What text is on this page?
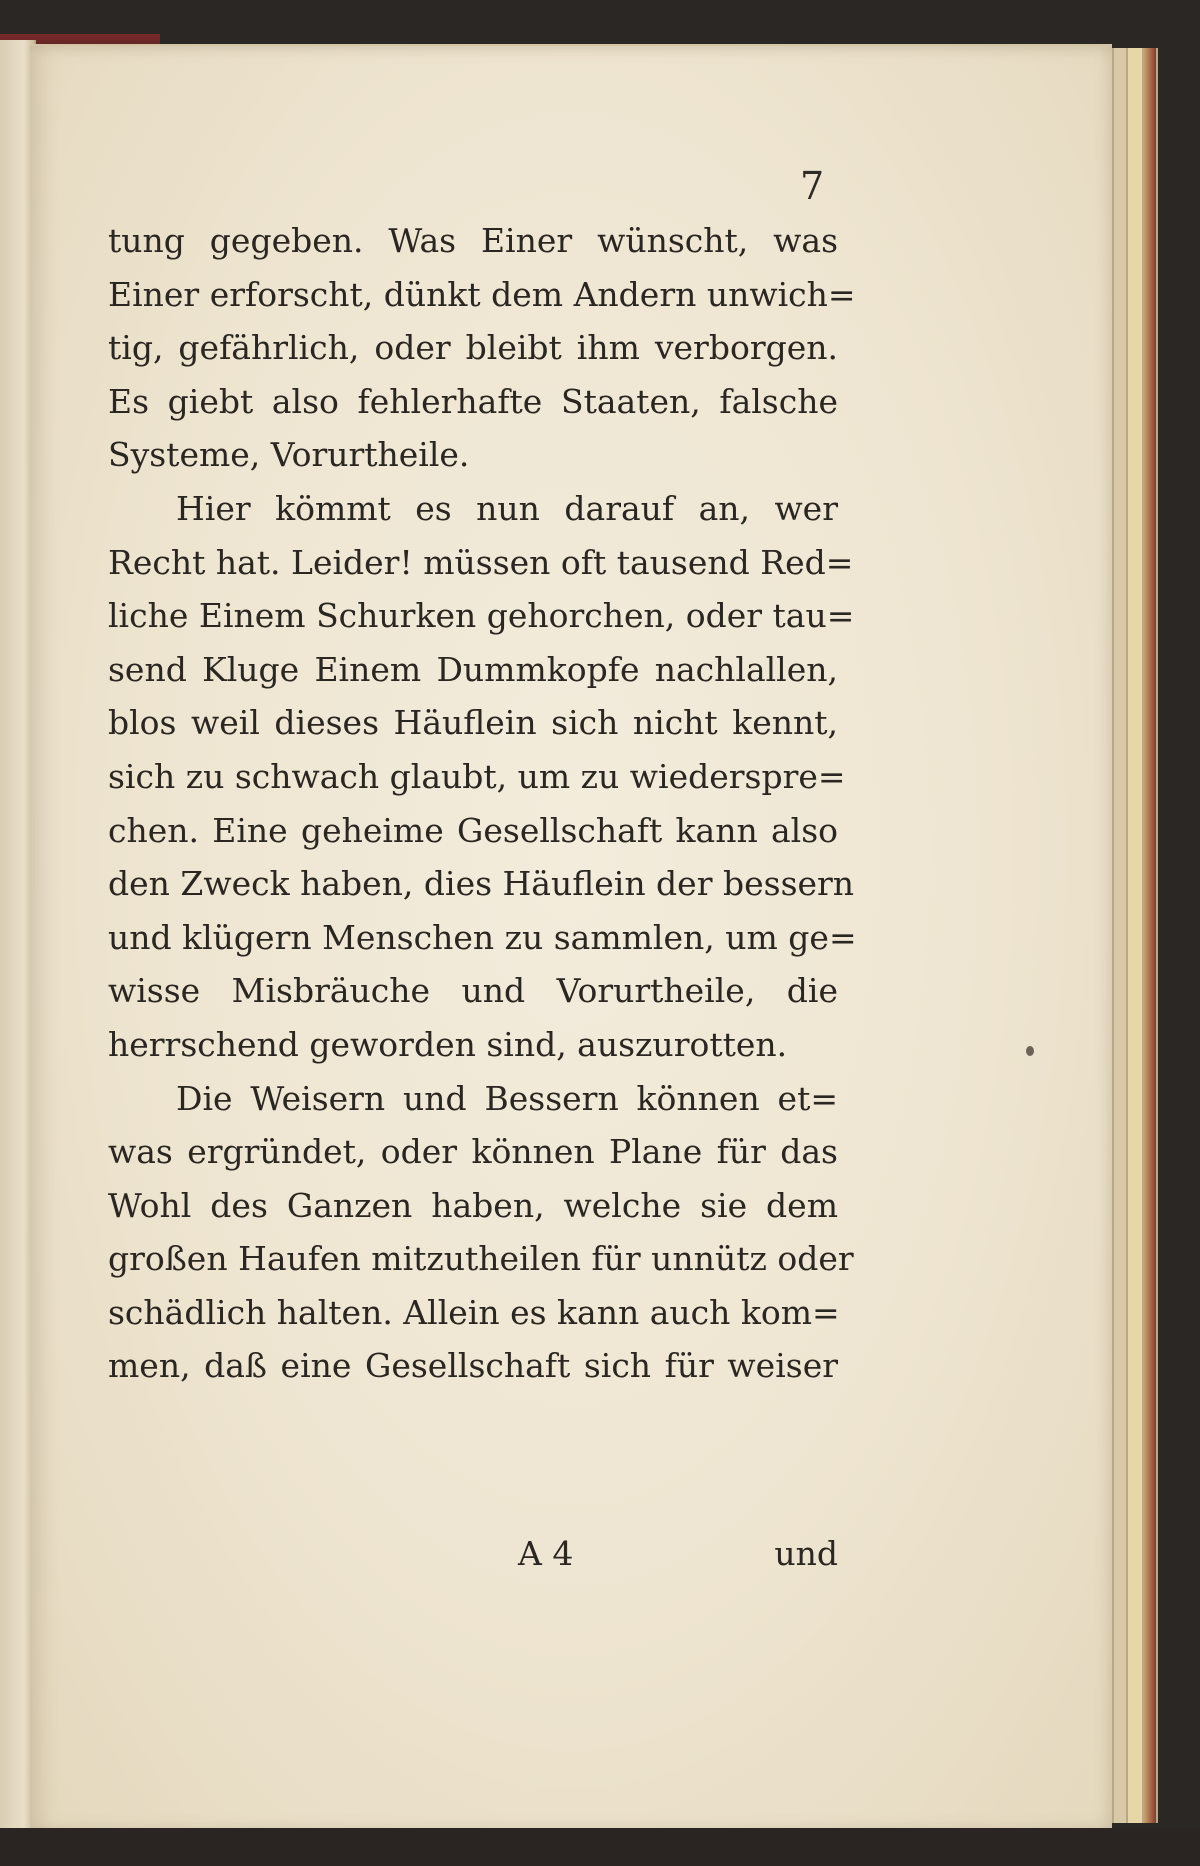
7
tung gegeben. Was Einer wünscht, was
Einer erforscht, dünkt dem Andern unwich=
tig, gefährlich, oder bleibt ihm verborgen.
Es giebt also fehlerhafte Staaten, falsche
Systeme, Vorurtheile.
Hier kömmt es nun darauf an, wer
Recht hat. Leider! müssen oft tausend Red=
liche Einem Schurken gehorchen, oder tau=
send Kluge Einem Dummkopfe nachlallen,
blos weil dieses Häuflein sich nicht kennt,
sich zu schwach glaubt, um zu wiederspre=
chen. Eine geheime Gesellschaft kann also
den Zweck haben, dies Häuflein der bessern
und klügern Menschen zu sammlen, um ge=
wisse Misbräuche und Vorurtheile, die
herrschend geworden sind, auszurotten.
Die Weisern und Bessern können et=
was ergründet, oder können Plane für das
Wohl des Ganzen haben, welche sie dem
großen Haufen mitzutheilen für unnütz oder
schädlich halten. Allein es kann auch kom=
men, daß eine Gesellschaft sich für weiser
A 4	und
